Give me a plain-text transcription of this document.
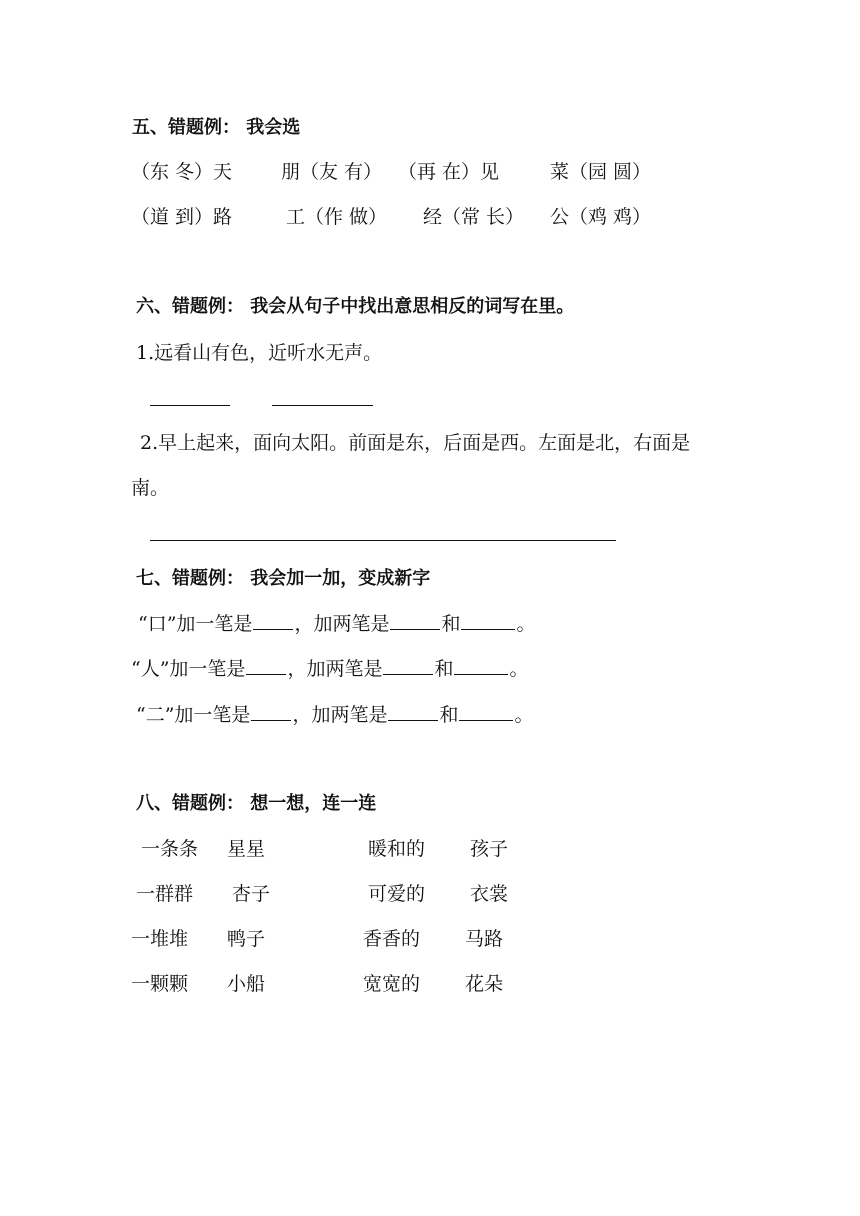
五、错题例： 我会选
（东 冬）天	朋（友 有） （再 在）见	菜（园 圆）
（道 到）路	工（作 做） 经（常 长） 公（鸡 鸡）
六、错题例： 我会从句子中找出意思相反的词写在里。
1.远看山有色，近听水无声。
2.早上起来，面向太阳。前面是东，后面是西。左面是北，右面是
南。
七、错题例： 我会加一加，变成新字
“口”加一笔是 ，加两笔是	和	。
“人”加一笔是 ，加两笔是	和	。
“二”加一笔是 ，加两笔是	和	。
八、错题例： 想一想，连一连
一条条 星星	暖和的 孩子
一群群 杏子	可爱的 衣裳
一堆堆 鸭子	香香的 马路
一颗颗 小船	宽宽的 花朵
